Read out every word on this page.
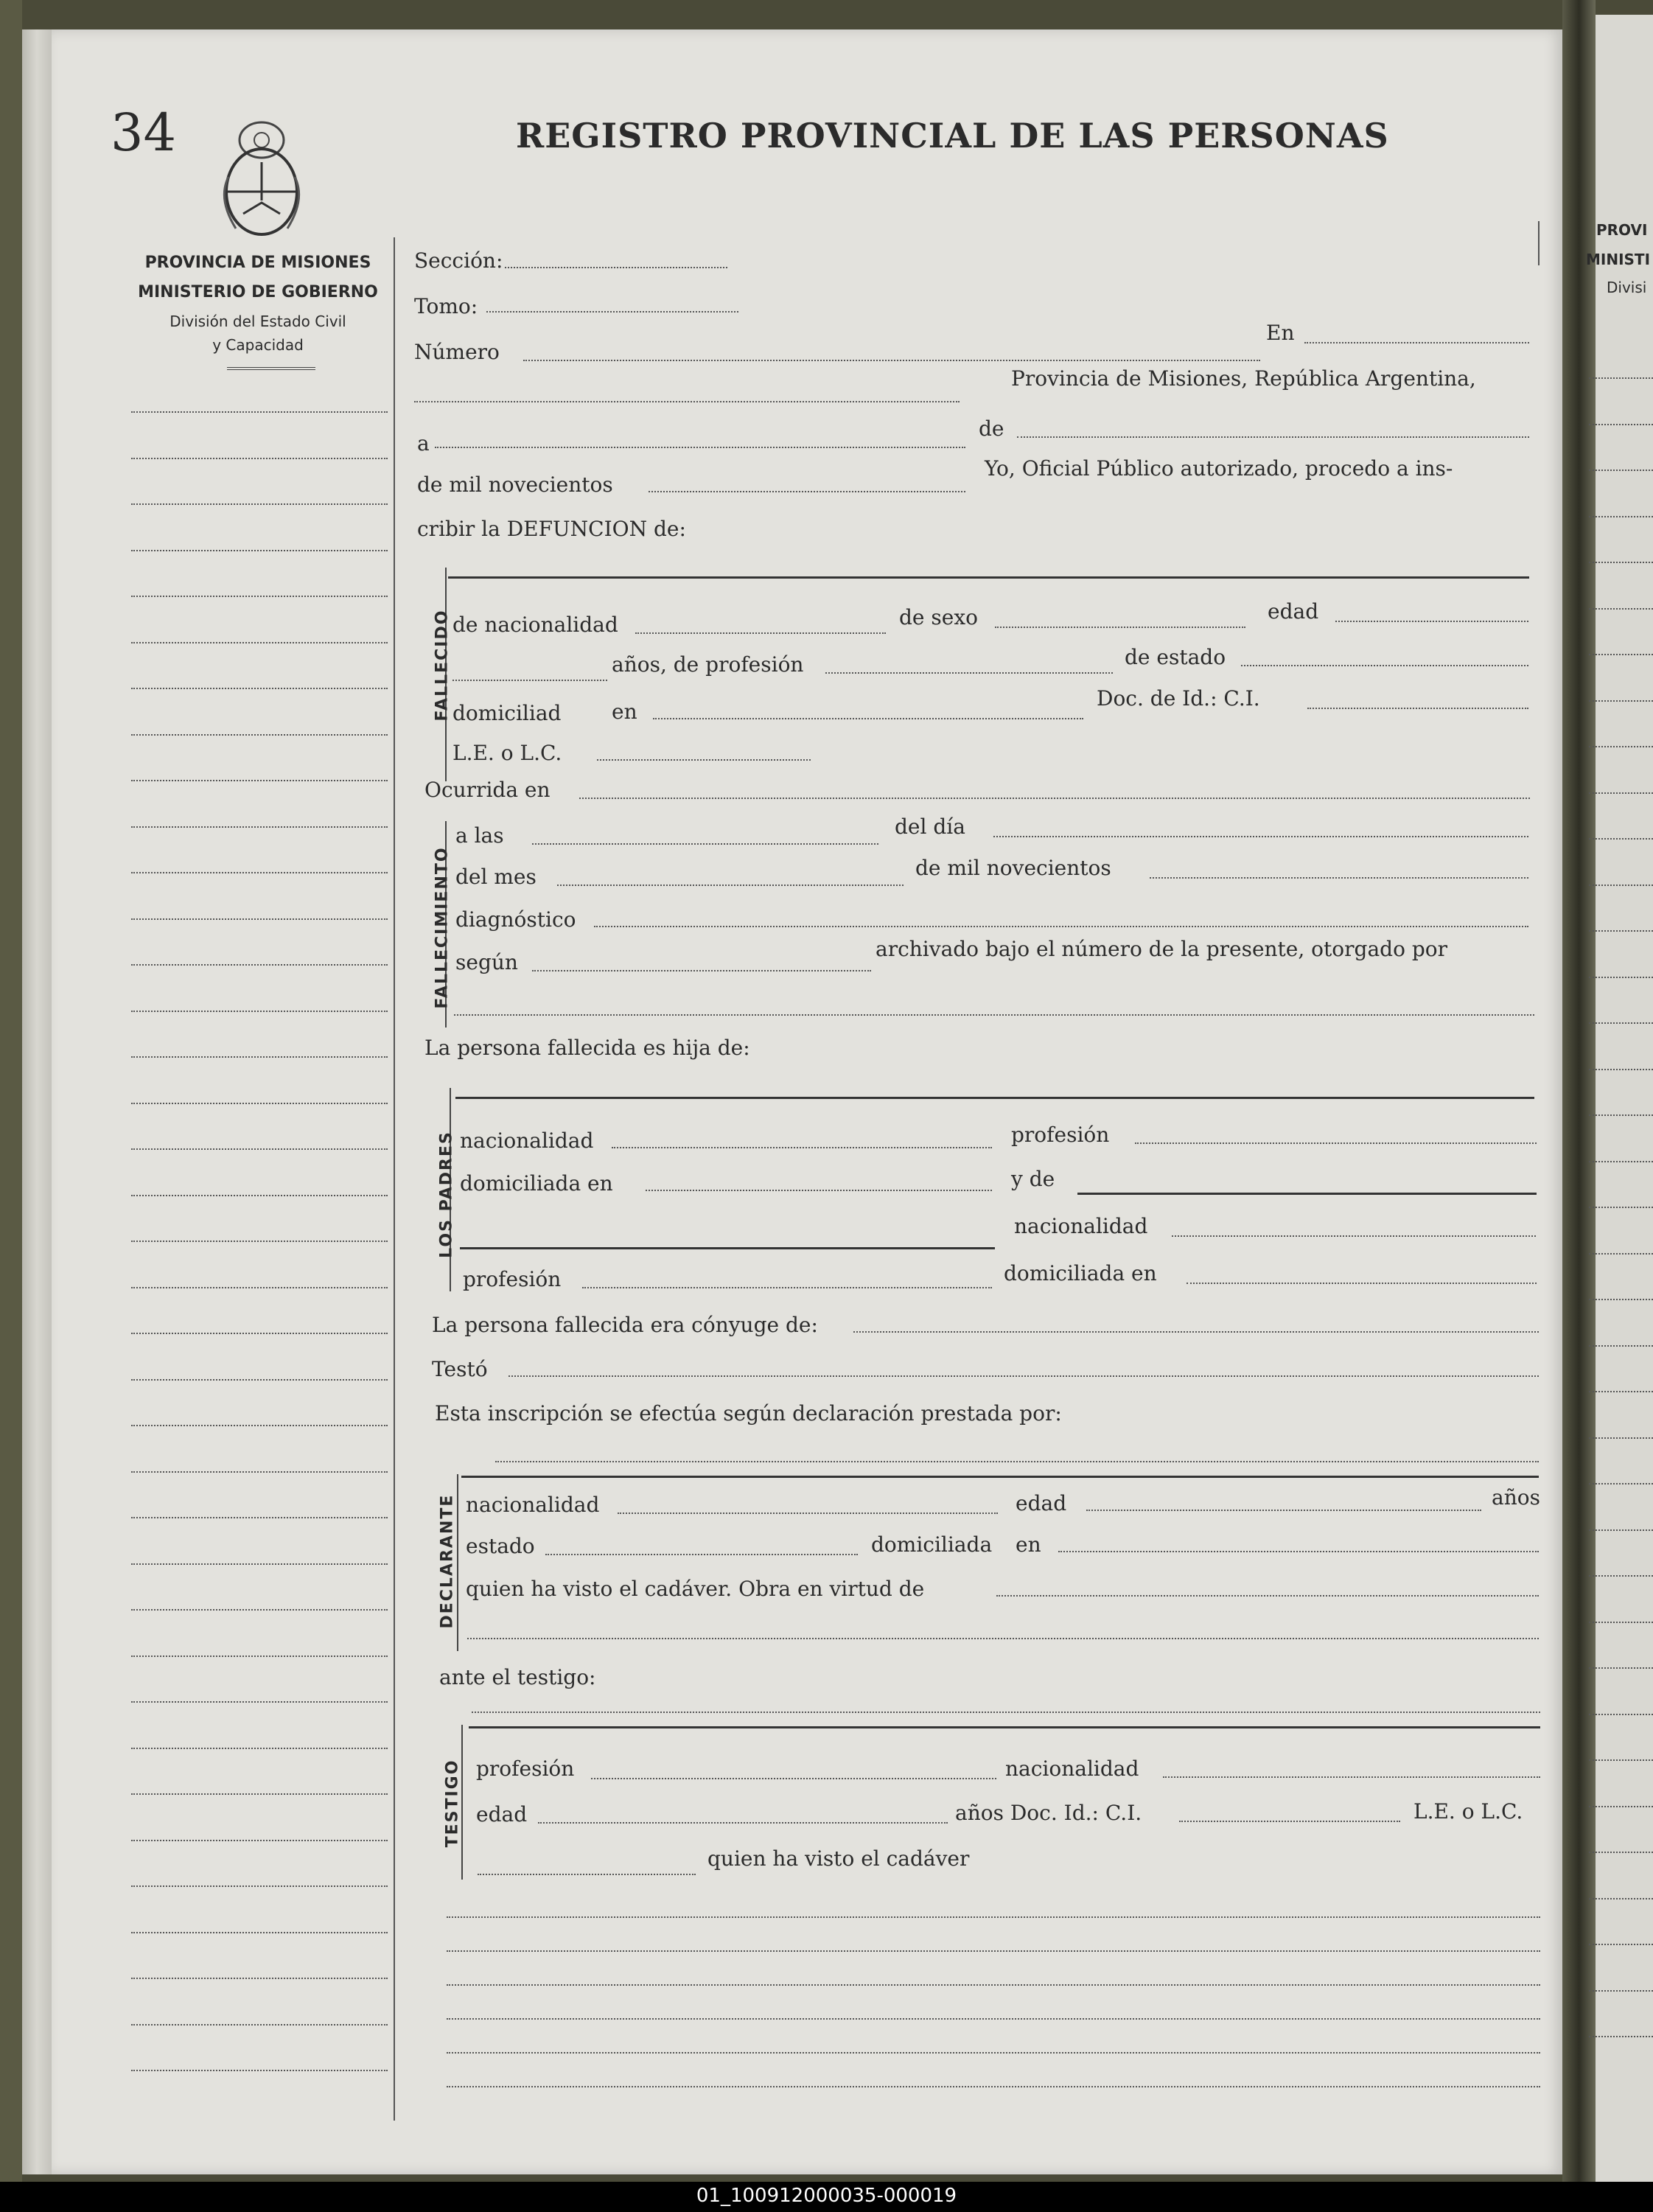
01_100912000035-000019
34	REGISTRO PROVINCIAL DE LAS PERSONAS
PROVINCIA DE MISIONES
MINISTERIO DE GOBIERNO
División del Estado Civil
y Capacidad
PROVI
MINISTI
Divisi
Sección:
Tomo:
Número
En
Provincia de Misiones, República Argentina,
a
de
de mil novecientos
Yo, Oficial Público autorizado, procedo a ins-
cribir la DEFUNCION de:
FALLECIDO de nacionalidad	de sexo	edad
años, de profesión	de estado
domiciliad en
Doc. de Id.: C.I.
L.E. o L.C.
Ocurrida en
FALLECIMIENTO
a las	del día
del mes	de mil novecientos
diagnóstico
según
archivado bajo el número de la presente, otorgado por
La persona fallecida es hija de:
LOS PADRES nacionalidad	profesión
domiciliada en	y de
nacionalidad
profesión	domiciliada en
La persona fallecida era cónyuge de:
Testó
Esta inscripción se efectúa según declaración prestada por:
DECLARANTE nacionalidad	edad	años
estado	domiciliada en
quien ha visto el cadáver. Obra en virtud de
ante el testigo:
TESTIGO profesión	nacionalidad
edad	años Doc. Id.: C.I.	L.E. o L.C.
quien ha visto el cadáver
